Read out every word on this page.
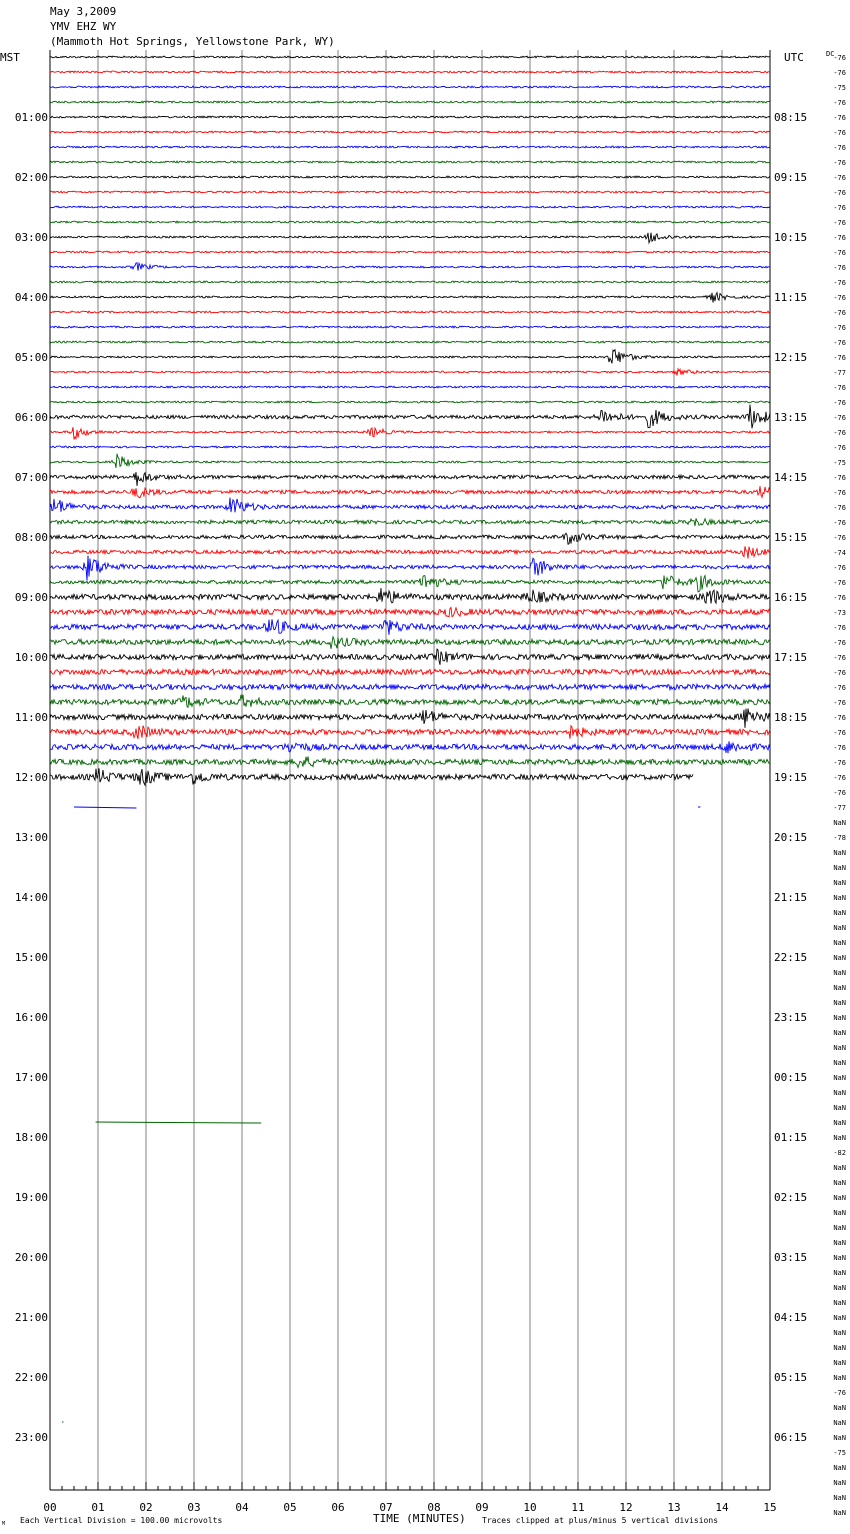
May 3,2009
YMV EHZ WY
(Mammoth Hot Springs, Yellowstone Park, WY)
MST	UTC	DC
01:00
02:00
03:00
04:00
05:00
06:00
07:00
08:00
09:00
10:00
11:00
12:00
13:00
14:00
15:00
16:00
17:00
18:00
19:00
20:00
21:00
22:00
23:00
08:15
09:15
10:15
11:15
12:15
13:15
14:15
15:15
16:15
17:15
18:15
19:15
20:15
21:15
22:15
23:15
00:15
01:15
02:15
03:15
04:15
05:15
06:15
-76
-76
-75
-76
-76
-76
-76
-76
-76
-76
-76
-76
-76
-76
-76
-76
-76
-76
-76
-76
-76
-77
-76
-76
-76
-76
-76
-75
-76
-76
-76
-76
-76
-74
-76
-76
-76
-73
-76
-76
-76
-76
-76
-76
-76
-76
-76
-76
-76
-76
-77
NaN
-78
NaN
NaN
NaN
NaN
NaN
NaN
NaN
NaN
NaN
NaN
NaN
NaN
NaN
NaN
NaN
NaN
NaN
NaN
NaN
NaN
-82
NaN
NaN
NaN
NaN
NaN
NaN
NaN
NaN
NaN
NaN
NaN
NaN
NaN
NaN
NaN
-76
NaN
NaN
NaN
-75
NaN
NaN
NaN
NaN
00	01	02	03	04	05	06	07	08	09	10	11	12	13	14	15
M Each Vertical Division = 100.00 microvolts	TIME (MINUTES) Traces clipped at plus/minus 5 vertical divisions
